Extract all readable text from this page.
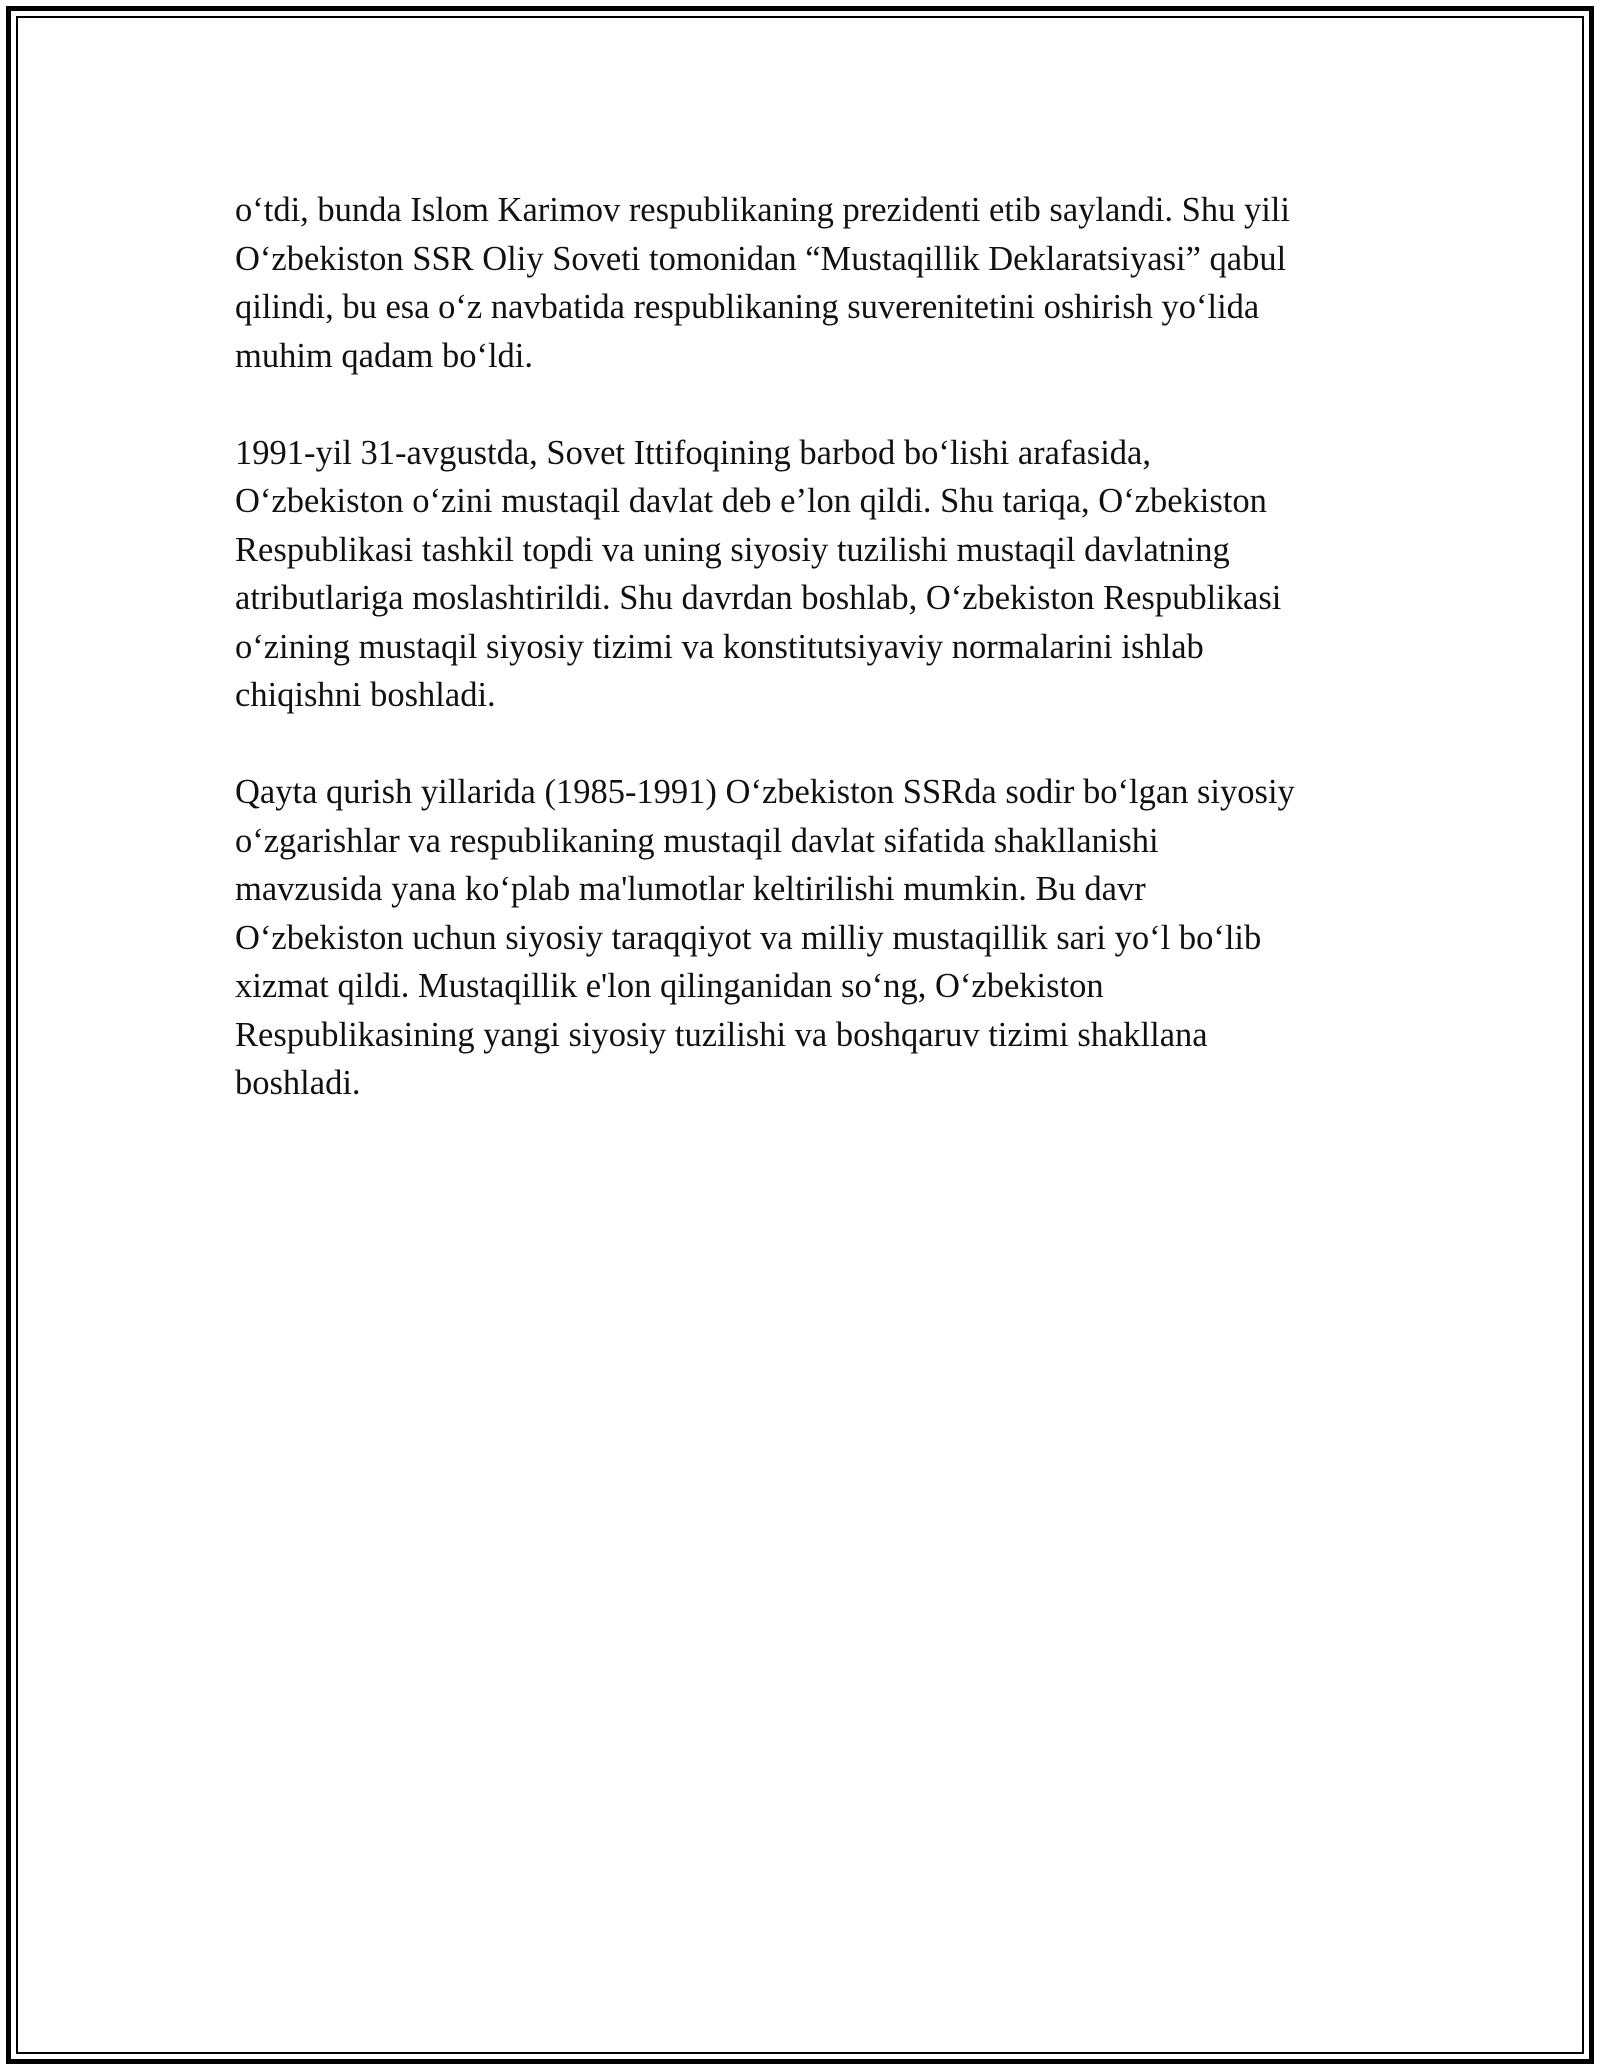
o‘tdi, bunda Islom Karimov respublikaning prezidenti etib saylandi. Shu yili
O‘zbekiston SSR Oliy Soveti tomonidan “Mustaqillik Deklaratsiyasi” qabul
qilindi, bu esa o‘z navbatida respublikaning suverenitetini oshirish yo‘lida
muhim qadam bo‘ldi.

1991-yil 31-avgustda, Sovet Ittifoqining barbod bo‘lishi arafasida,
O‘zbekiston o‘zini mustaqil davlat deb e’lon qildi. Shu tariqa, O‘zbekiston
Respublikasi tashkil topdi va uning siyosiy tuzilishi mustaqil davlatning
atributlariga moslashtirildi. Shu davrdan boshlab, O‘zbekiston Respublikasi
o‘zining mustaqil siyosiy tizimi va konstitutsiyaviy normalarini ishlab
chiqishni boshladi.

Qayta qurish yillarida (1985-1991) O‘zbekiston SSRda sodir bo‘lgan siyosiy
o‘zgarishlar va respublikaning mustaqil davlat sifatida shakllanishi
mavzusida yana ko‘plab ma'lumotlar keltirilishi mumkin. Bu davr
O‘zbekiston uchun siyosiy taraqqiyot va milliy mustaqillik sari yo‘l bo‘lib
xizmat qildi. Mustaqillik e'lon qilinganidan so‘ng, O‘zbekiston
Respublikasining yangi siyosiy tuzilishi va boshqaruv tizimi shakllana
boshladi.
